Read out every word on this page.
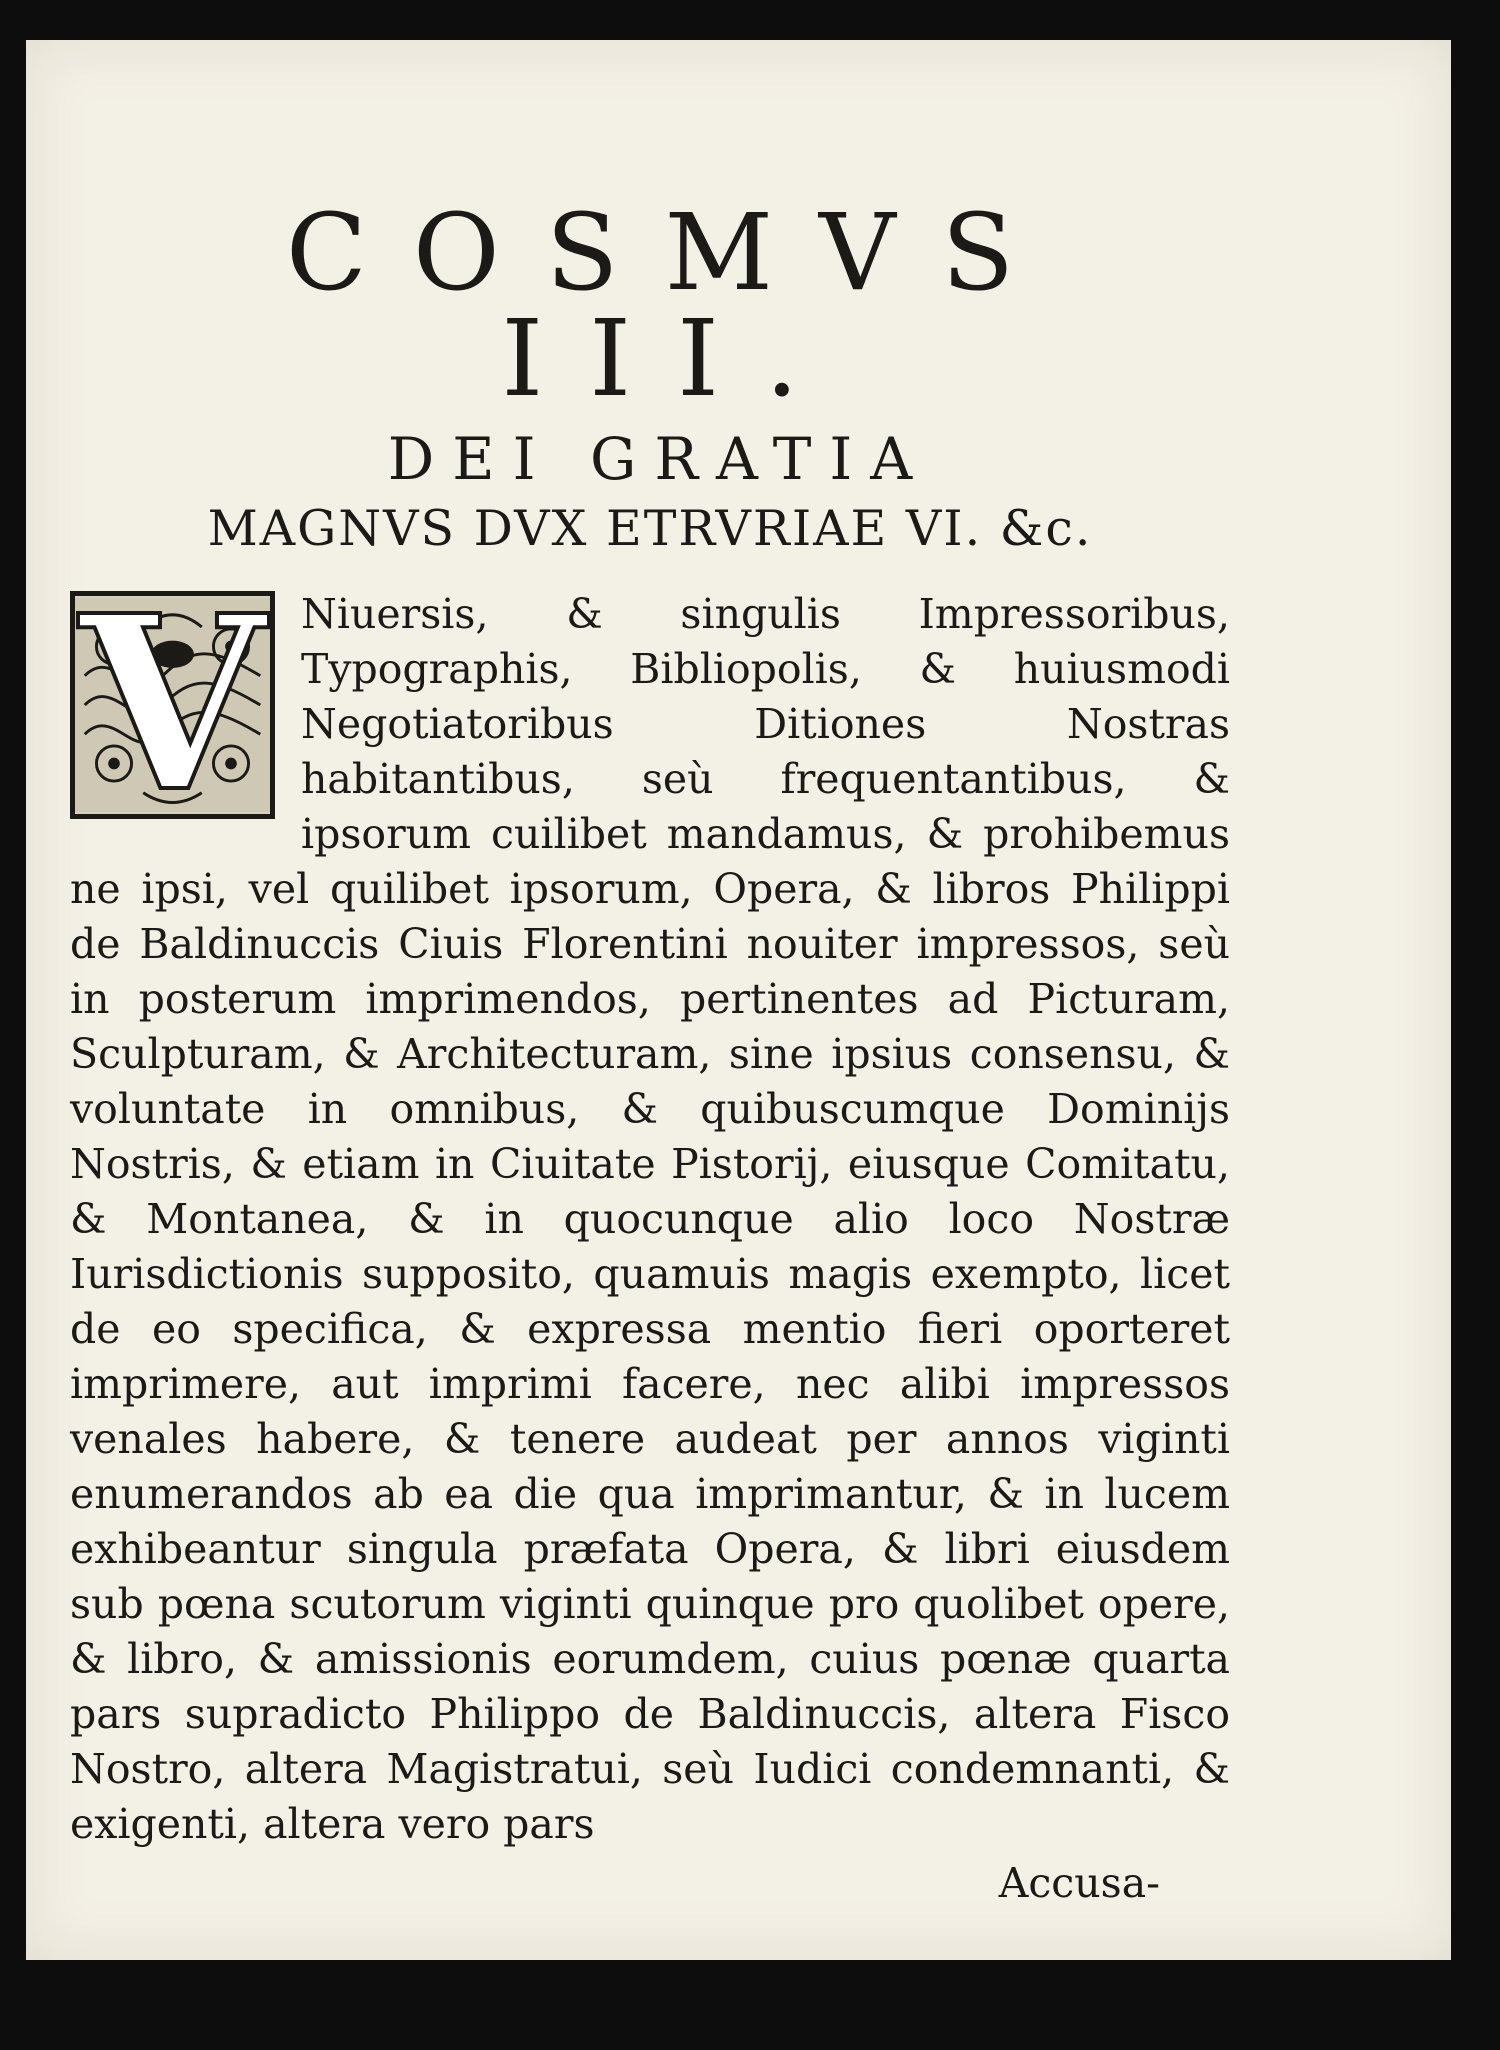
COSMVS III.
DEI GRATIA
MAGNVS DVX ETRVRIAE VI. &c.
V Niuersis, & singulis Impressoribus, Typographis, Bibliopolis, & huiusmodi Negotiatoribus Ditiones Nostras habitantibus, seù frequentantibus, & ipsorum cuilibet mandamus, & prohibemus ne ipsi, vel quilibet ipsorum, Opera, & libros Philippi de Baldinuccis Ciuis Florentini nouiter impressos, seù in posterum imprimendos, pertinentes ad Picturam, Sculpturam, & Architecturam, sine ipsius consensu, & voluntate in omnibus, & quibuscumque Dominijs Nostris, & etiam in Ciuitate Pistorij, eiusque Comitatu, & Montanea, & in quocunque alio loco Nostræ Iurisdictionis supposito, quamuis magis exempto, licet de eo specifica, & expressa mentio fieri oporteret imprimere, aut imprimi facere, nec alibi impressos venales habere, & tenere audeat per annos viginti enumerandos ab ea die qua imprimantur, & in lucem exhibeantur singula præfata Opera, & libri eiusdem sub pœna scutorum viginti quinque pro quolibet opere, & libro, & amissionis eorumdem, cuius pœnæ quarta pars supradicto Philippo de Baldinuccis, altera Fisco Nostro, altera Magistratui, seù Iudici condemnanti, & exigenti, altera vero pars
Accusa-
